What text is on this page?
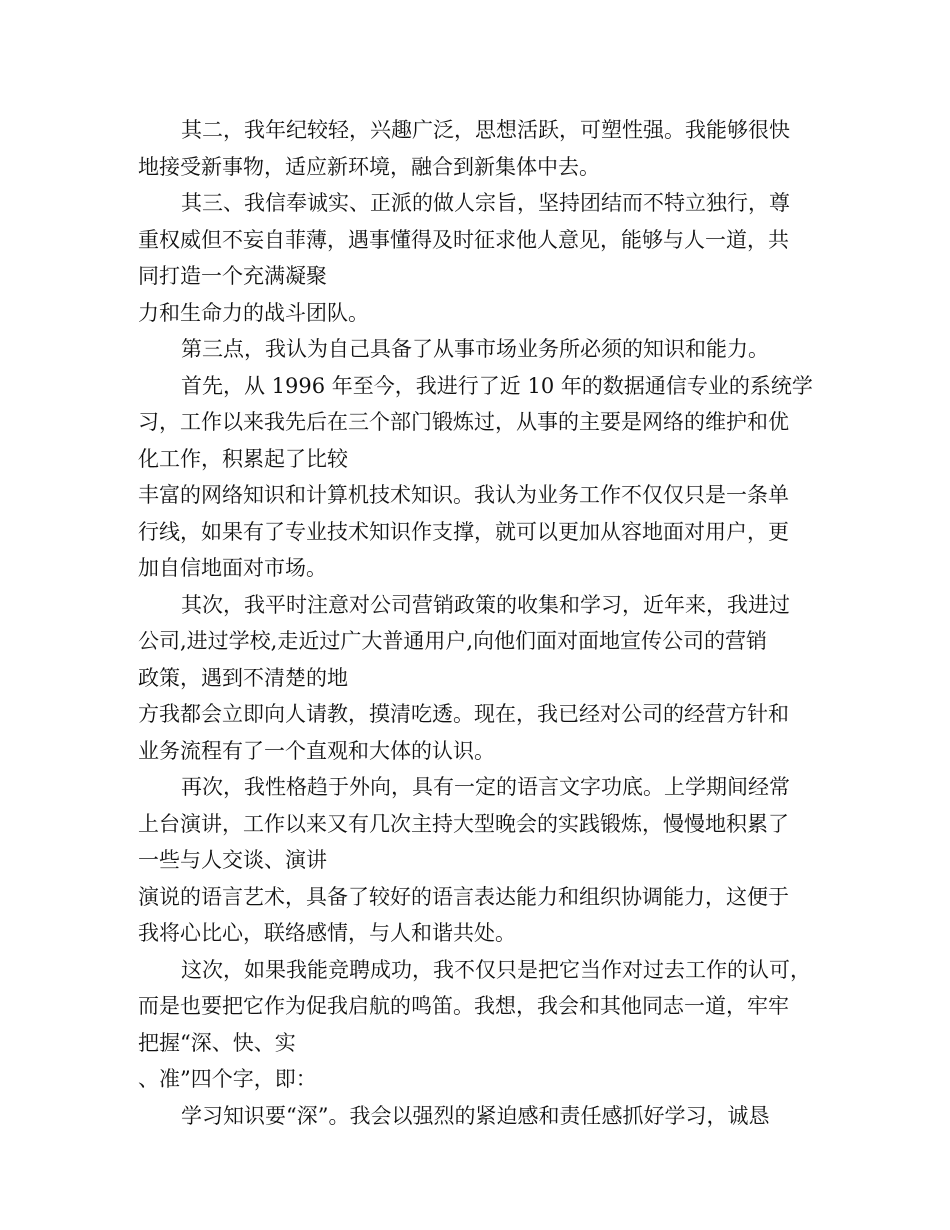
其二，我年纪较轻，兴趣广泛，思想活跃，可塑性强。我能够很快
地接受新事物，适应新环境，融合到新集体中去。
其三、我信奉诚实、正派的做人宗旨，坚持团结而不特立独行，尊
重权威但不妄自菲薄，遇事懂得及时征求他人意见，能够与人一道，共
同打造一个充满凝聚
力和生命力的战斗团队。
第三点，我认为自己具备了从事市场业务所必须的知识和能力。
首先，从 1996 年至今，我进行了近 10 年的数据通信专业的系统学
习，工作以来我先后在三个部门锻炼过，从事的主要是网络的维护和优
化工作，积累起了比较
丰富的网络知识和计算机技术知识。我认为业务工作不仅仅只是一条单
行线，如果有了专业技术知识作支撑，就可以更加从容地面对用户，更
加自信地面对市场。
其次，我平时注意对公司营销政策的收集和学习，近年来，我进过
公司,进过学校,走近过广大普通用户,向他们面对面地宣传公司的营销
政策，遇到不清楚的地
方我都会立即向人请教，摸清吃透。现在，我已经对公司的经营方针和
业务流程有了一个直观和大体的认识。
再次，我性格趋于外向，具有一定的语言文字功底。上学期间经常
上台演讲，工作以来又有几次主持大型晚会的实践锻炼，慢慢地积累了
一些与人交谈、演讲
演说的语言艺术，具备了较好的语言表达能力和组织协调能力，这便于
我将心比心，联络感情，与人和谐共处。
这次，如果我能竞聘成功，我不仅只是把它当作对过去工作的认可，
而是也要把它作为促我启航的鸣笛。我想，我会和其他同志一道，牢牢
把握“深、快、实
、准”四个字，即：
学习知识要“深”。我会以强烈的紧迫感和责任感抓好学习，诚恳
